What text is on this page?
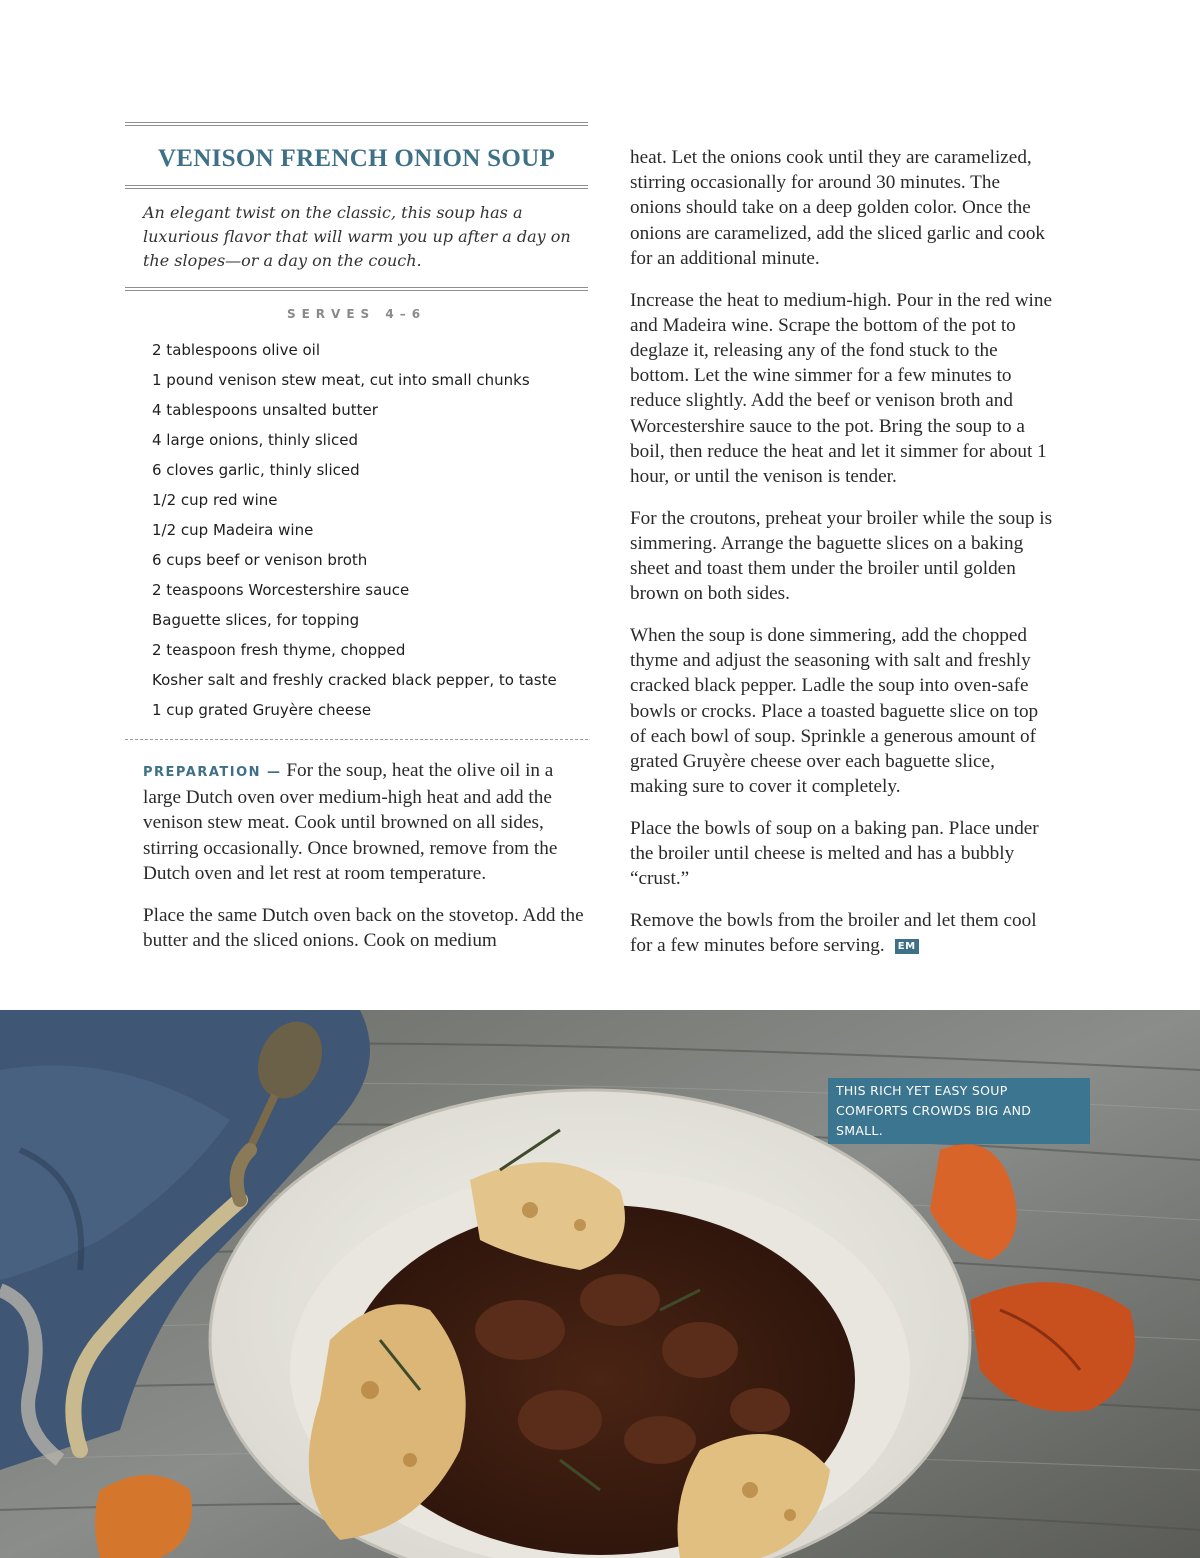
VENISON FRENCH ONION SOUP

An elegant twist on the classic, this soup has a luxurious flavor that will warm you up after a day on the slopes—or a day on the couch.

SERVES 4–6
2 tablespoons olive oil
1 pound venison stew meat, cut into small chunks
4 tablespoons unsalted butter
4 large onions, thinly sliced
6 cloves garlic, thinly sliced
1/2 cup red wine
1/2 cup Madeira wine
6 cups beef or venison broth
2 teaspoons Worcestershire sauce
Baguette slices, for topping
2 teaspoon fresh thyme, chopped
Kosher salt and freshly cracked black pepper, to taste
1 cup grated Gruyère cheese

PREPARATION — For the soup, heat the olive oil in a large Dutch oven over medium-high heat and add the venison stew meat. Cook until browned on all sides, stirring occasionally. Once browned, remove from the Dutch oven and let rest at room temperature.

Place the same Dutch oven back on the stovetop. Add the butter and the sliced onions. Cook on medium

heat. Let the onions cook until they are caramelized, stirring occasionally for around 30 minutes. The onions should take on a deep golden color. Once the onions are caramelized, add the sliced garlic and cook for an additional minute.

Increase the heat to medium-high. Pour in the red wine and Madeira wine. Scrape the bottom of the pot to deglaze it, releasing any of the fond stuck to the bottom. Let the wine simmer for a few minutes to reduce slightly. Add the beef or venison broth and Worcestershire sauce to the pot. Bring the soup to a boil, then reduce the heat and let it simmer for about 1 hour, or until the venison is tender.

For the croutons, preheat your broiler while the soup is simmering. Arrange the baguette slices on a baking sheet and toast them under the broiler until golden brown on both sides.

When the soup is done simmering, add the chopped thyme and adjust the seasoning with salt and freshly cracked black pepper. Ladle the soup into oven-safe bowls or crocks. Place a toasted baguette slice on top of each bowl of soup. Sprinkle a generous amount of grated Gruyère cheese over each baguette slice, making sure to cover it completely.

Place the bowls of soup on a baking pan. Place under the broiler until cheese is melted and has a bubbly “crust.”

Remove the bowls from the broiler and let them cool for a few minutes before serving. EM

THIS RICH YET EASY SOUP
COMFORTS CROWDS BIG AND SMALL.
